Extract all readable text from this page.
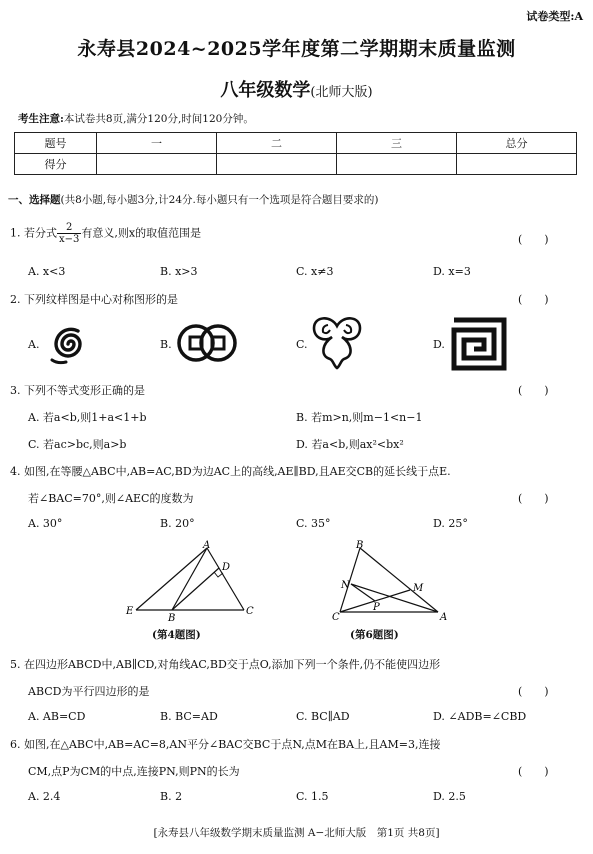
试卷类型:A
永寿县2024~2025学年度第二学期期末质量监测
八年级数学(北师大版)
考生注意:本试卷共8页,满分120分,时间120分钟。
题号	一	二	三	总分
得分				
一、选择题(共8小题,每小题3分,计24分.每小题只有一个选项是符合题目要求的)
1. 若分式 $\frac{2}{x-3}$ 有意义,则x的取值范围是	(　　)
A. x<3	B. x>3	C. x≠3	D. x=3
2. 下列纹样图是中心对称图形的是	(　　)
A.	B.	C.	D.
3. 下列不等式变形正确的是	(　　)
A. 若a<b,则1+a<1+b	B. 若m>n,则m−1<n−1
C. 若ac>bc,则a>b	D. 若a<b,则ax²<bx²
4. 如图,在等腰△ABC中,AB=AC,BD为边AC上的高线,AE∥BD,且AE交CB的延长线于点E.
若∠BAC=70°,则∠AEC的度数为	(　　)
A. 30°	B. 20°	C. 35°	D. 25°
A
D
E
B
C
(第4题图)
B
N	M
P
C	A
(第6题图)
5. 在四边形ABCD中,AB∥CD,对角线AC,BD交于点O,添加下列一个条件,仍不能使四边形
ABCD为平行四边形的是	(　　)
A. AB=CD	B. BC=AD	C. BC∥AD	D. ∠ADB=∠CBD
6. 如图,在△ABC中,AB=AC=8,AN平分∠BAC交BC于点N,点M在BA上,且AM=3,连接
CM,点P为CM的中点,连接PN,则PN的长为	(　　)
A. 2.4	B. 2	C. 1.5	D. 2.5
[永寿县八年级数学期末质量监测 A−北师大版　第1页 共8页]
